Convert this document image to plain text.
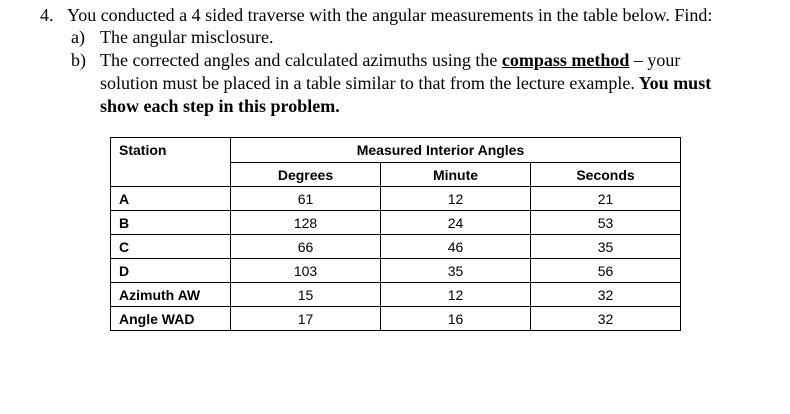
4. You conducted a 4 sided traverse with the angular measurements in the table below. Find:
a) The angular misclosure.
b) The corrected angles and calculated azimuths using the compass method – your
solution must be placed in a table similar to that from the lecture example. You must
show each step in this problem.
Station	Measured Interior Angles		
	Degrees	Minute	Seconds
A	61	12	21
B	128	24	53
C	66	46	35
D	103	35	56
Azimuth AW	15	12	32
Angle WAD	17	16	32
